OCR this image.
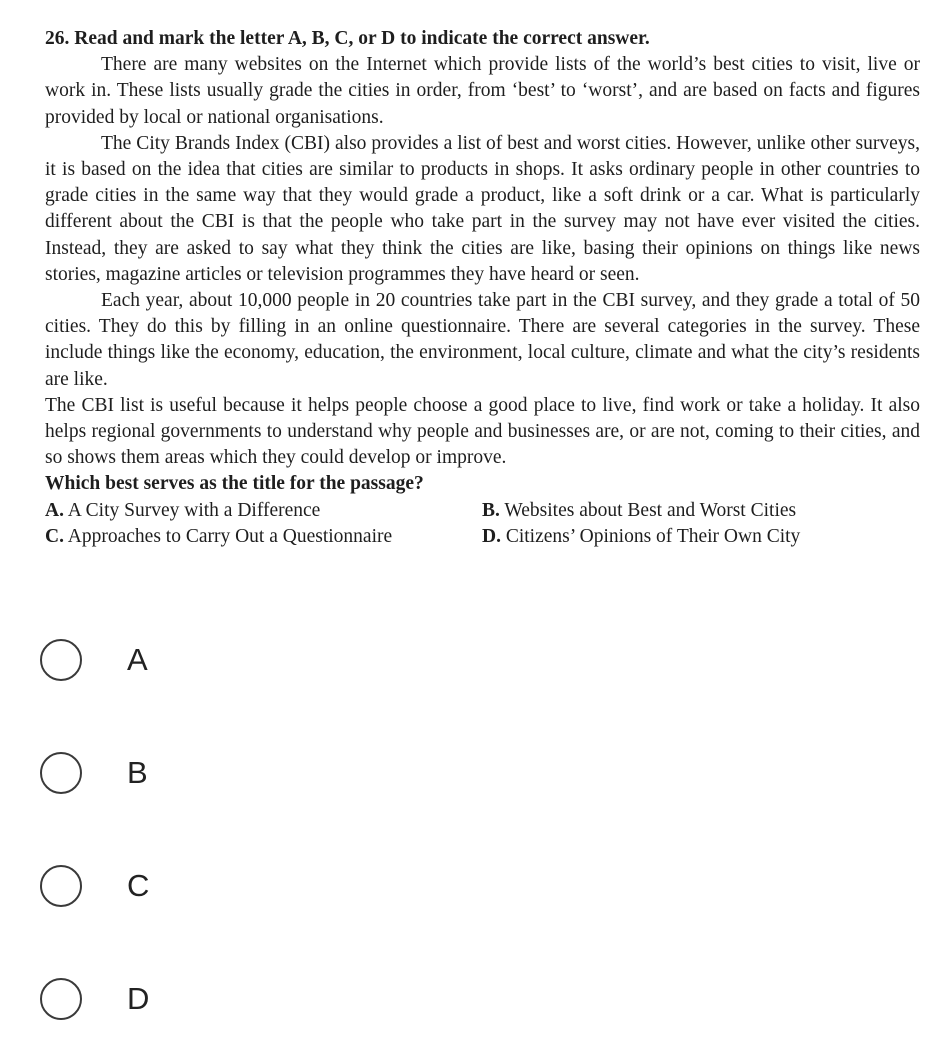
26. Read and mark the letter A, B, C, or D to indicate the correct answer.

There are many websites on the Internet which provide lists of the world’s best cities to visit, live or work in. These lists usually grade the cities in order, from ‘best’ to ‘worst’, and are based on facts and figures provided by local or national organisations.

The City Brands Index (CBI) also provides a list of best and worst cities. However, unlike other surveys, it is based on the idea that cities are similar to products in shops. It asks ordinary people in other countries to grade cities in the same way that they would grade a product, like a soft drink or a car. What is particularly different about the CBI is that the people who take part in the survey may not have ever visited the cities. Instead, they are asked to say what they think the cities are like, basing their opinions on things like news stories, magazine articles or television programmes they have heard or seen.

Each year, about 10,000 people in 20 countries take part in the CBI survey, and they grade a total of 50 cities. They do this by filling in an online questionnaire. There are several categories in the survey. These include things like the economy, education, the environment, local culture, climate and what the city’s residents are like.

The CBI list is useful because it helps people choose a good place to live, find work or take a holiday. It also helps regional governments to understand why people and businesses are, or are not, coming to their cities, and so shows them areas which they could develop or improve.

Which best serves as the title for the passage?

A. A City Survey with a Difference	B. Websites about Best and Worst Cities
C. Approaches to Carry Out a Questionnaire	D. Citizens’ Opinions of Their Own City
A
B
C
D
